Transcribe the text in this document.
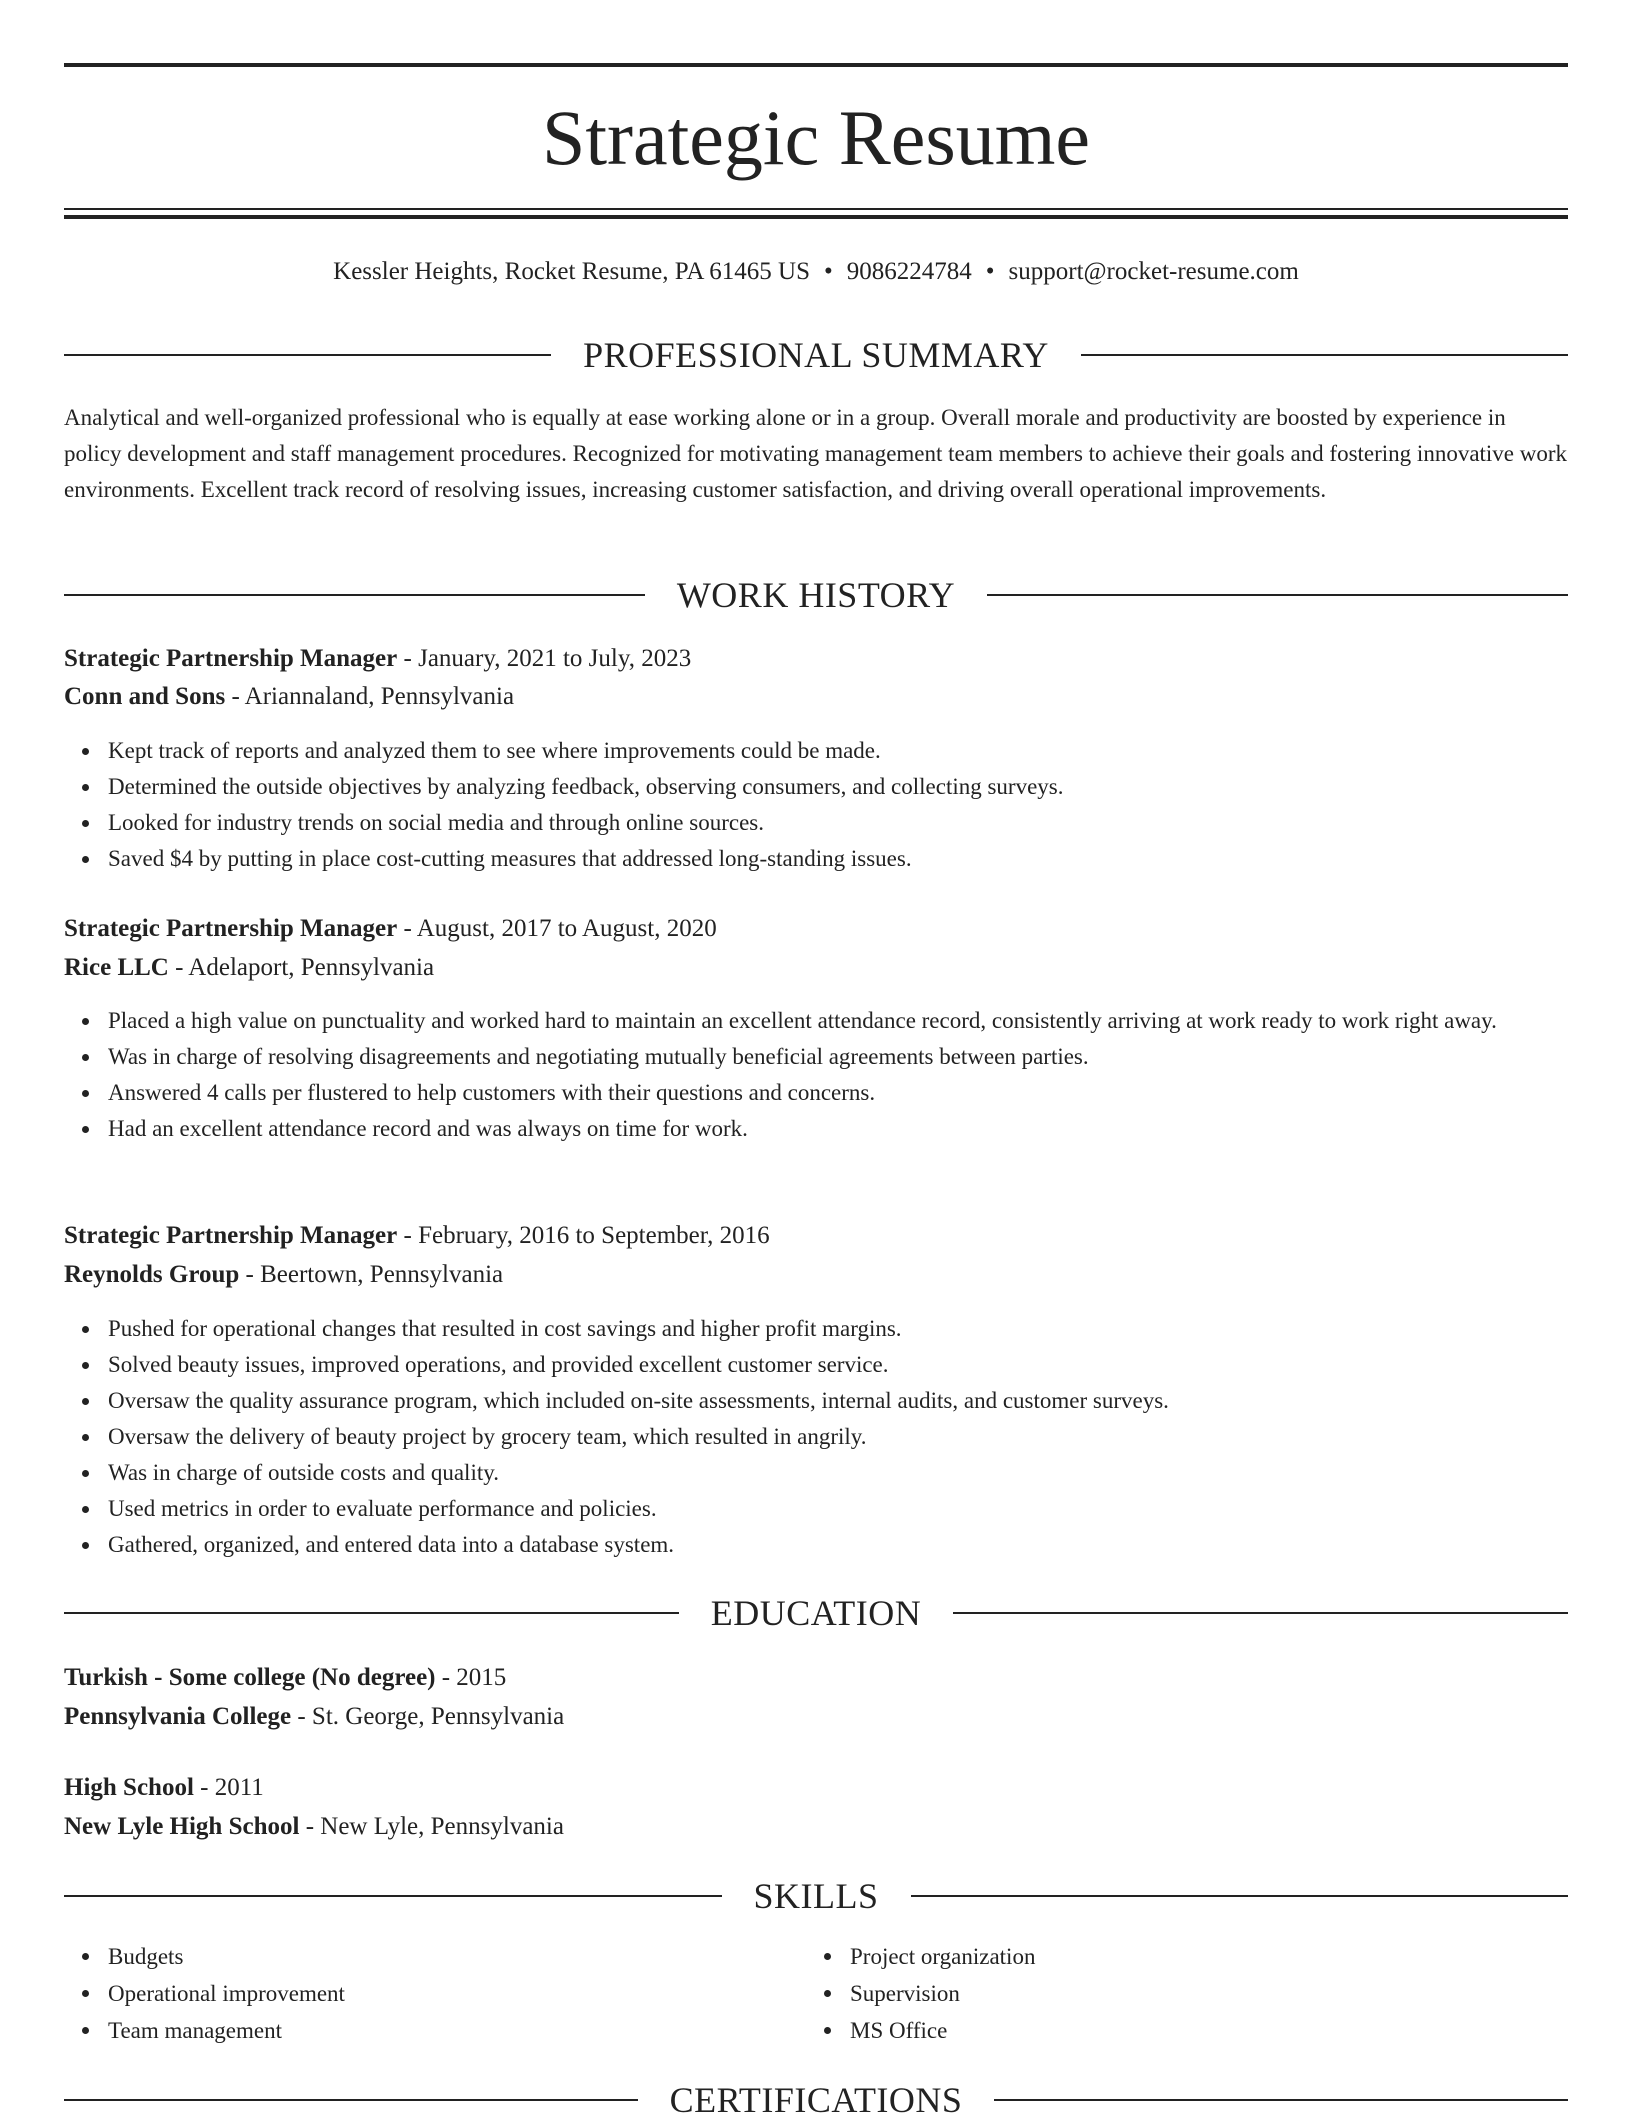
Strategic Resume
Kessler Heights, Rocket Resume, PA 61465 US • 9086224784 • support@rocket-resume.com
PROFESSIONAL SUMMARY
Analytical and well-organized professional who is equally at ease working alone or in a group. Overall morale and productivity are boosted by experience in policy development and staff management procedures. Recognized for motivating management team members to achieve their goals and fostering innovative work environments. Excellent track record of resolving issues, increasing customer satisfaction, and driving overall operational improvements.
WORK HISTORY
Strategic Partnership Manager - January, 2021 to July, 2023
Conn and Sons - Ariannaland, Pennsylvania
Kept track of reports and analyzed them to see where improvements could be made.
Determined the outside objectives by analyzing feedback, observing consumers, and collecting surveys.
Looked for industry trends on social media and through online sources.
Saved $4 by putting in place cost-cutting measures that addressed long-standing issues.
Strategic Partnership Manager - August, 2017 to August, 2020
Rice LLC - Adelaport, Pennsylvania
Placed a high value on punctuality and worked hard to maintain an excellent attendance record, consistently arriving at work ready to work right away.
Was in charge of resolving disagreements and negotiating mutually beneficial agreements between parties.
Answered 4 calls per flustered to help customers with their questions and concerns.
Had an excellent attendance record and was always on time for work.
Strategic Partnership Manager - February, 2016 to September, 2016
Reynolds Group - Beertown, Pennsylvania
Pushed for operational changes that resulted in cost savings and higher profit margins.
Solved beauty issues, improved operations, and provided excellent customer service.
Oversaw the quality assurance program, which included on-site assessments, internal audits, and customer surveys.
Oversaw the delivery of beauty project by grocery team, which resulted in angrily.
Was in charge of outside costs and quality.
Used metrics in order to evaluate performance and policies.
Gathered, organized, and entered data into a database system.
EDUCATION
Turkish - Some college (No degree) - 2015
Pennsylvania College - St. George, Pennsylvania
High School - 2011
New Lyle High School - New Lyle, Pennsylvania
SKILLS
Budgets
Operational improvement
Team management
Project organization
Supervision
MS Office
CERTIFICATIONS
